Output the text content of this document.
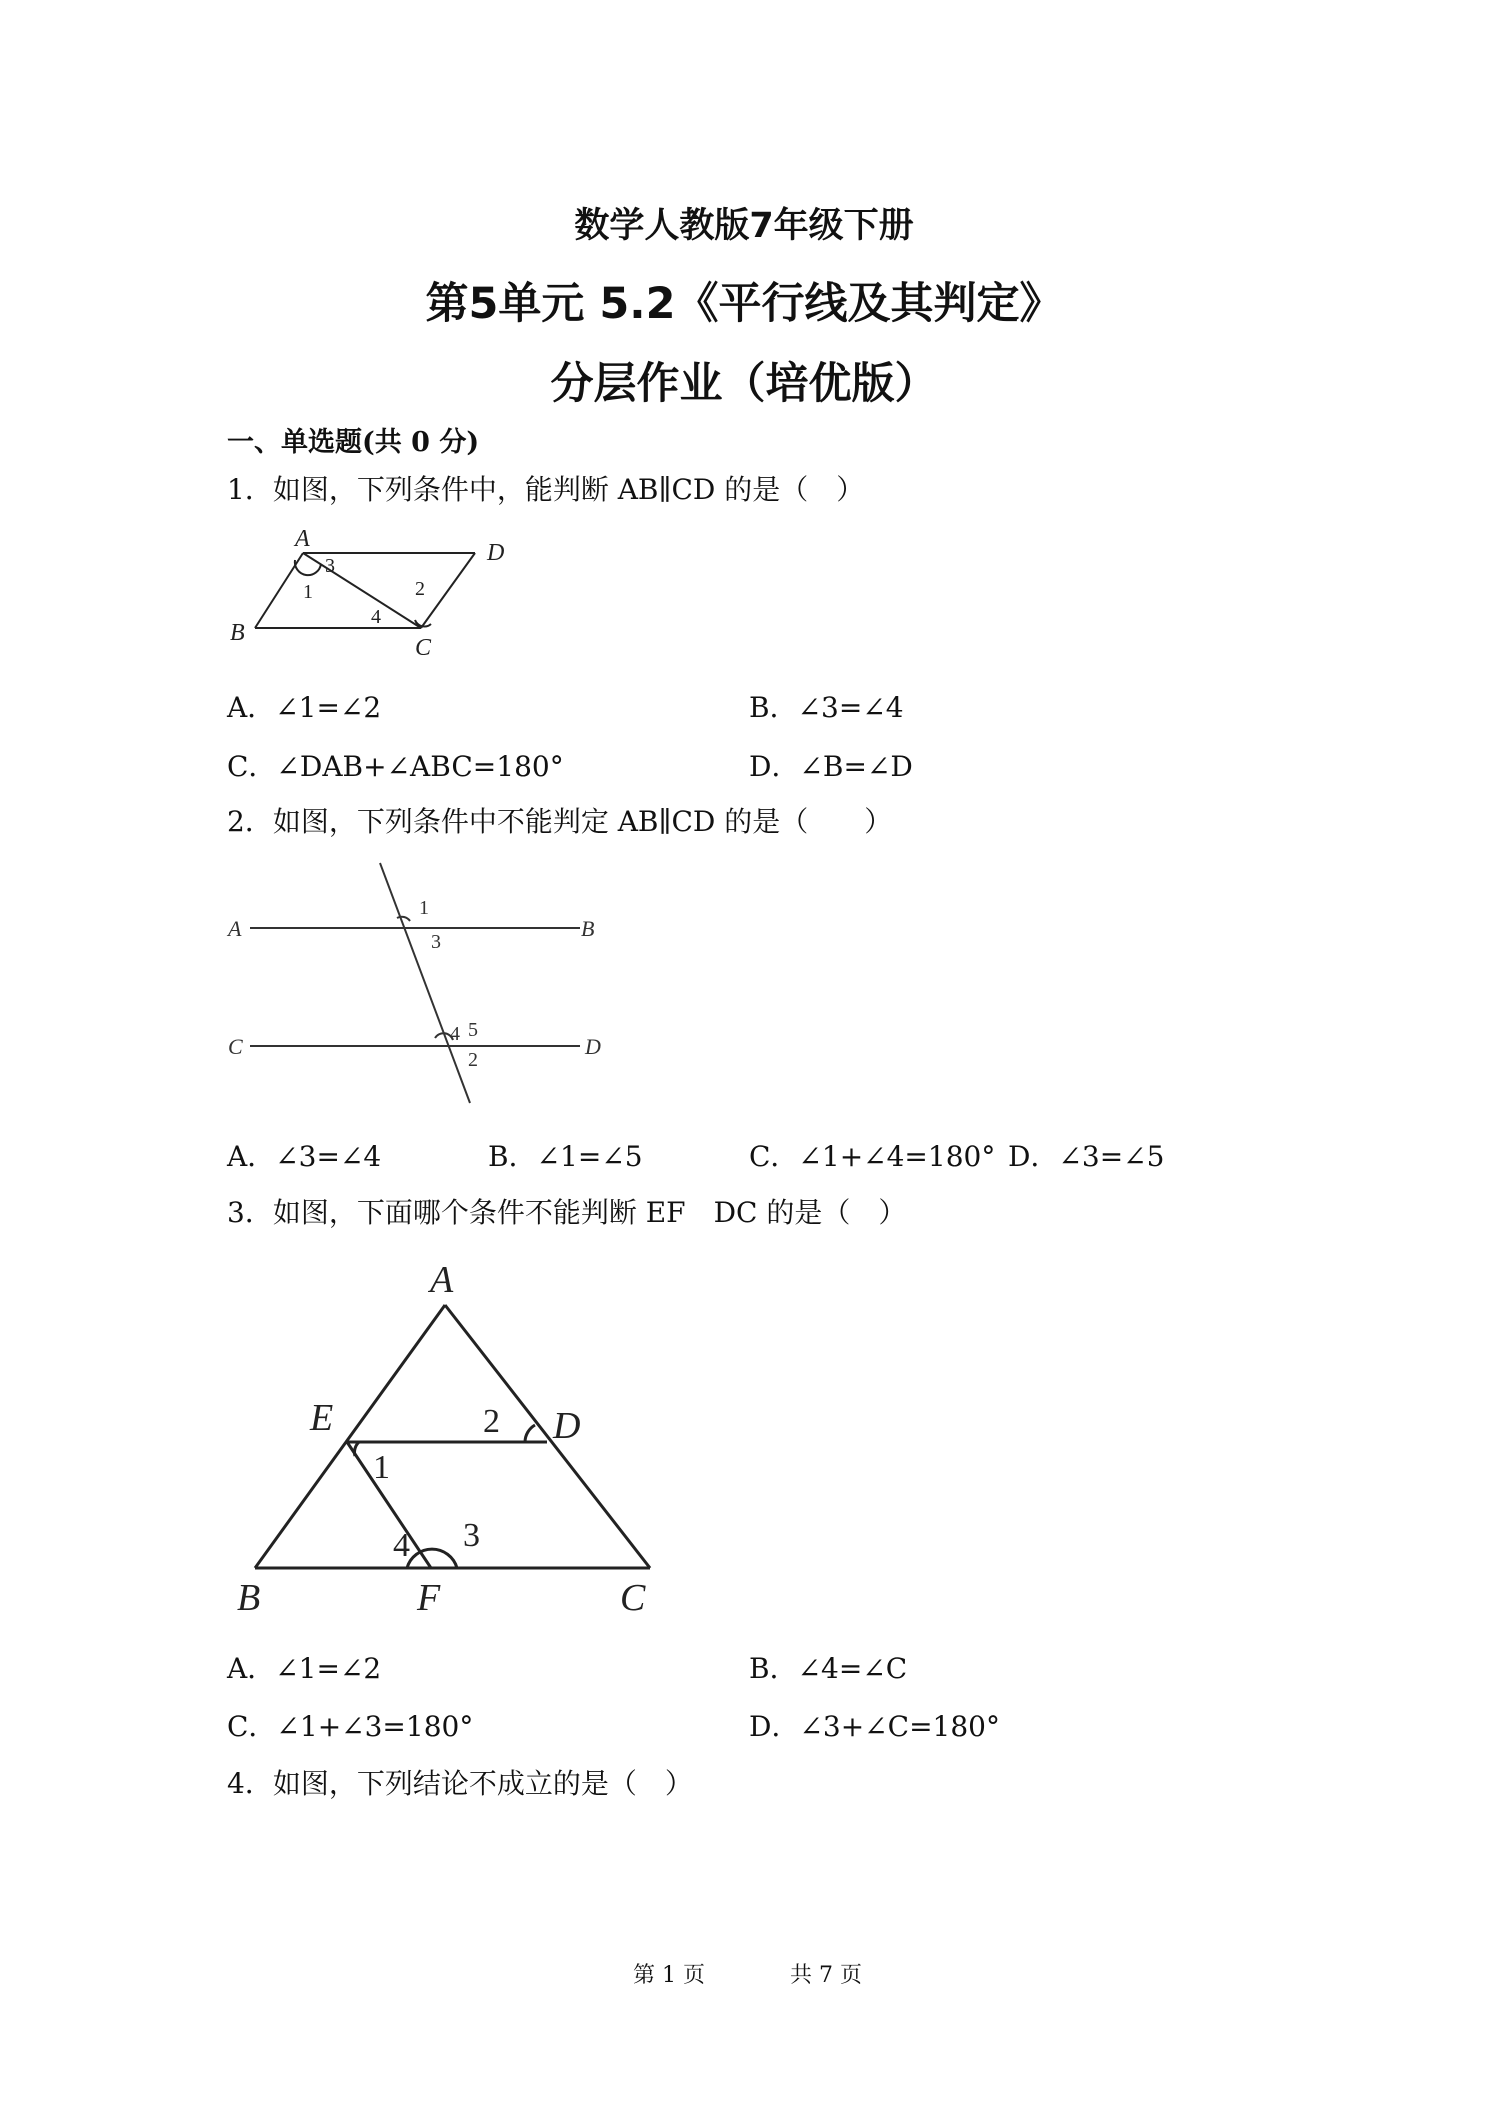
数学人教版7年级下册
第5单元 5.2《平行线及其判定》
分层作业（培优版）
一、单选题(共 0 分)
1．如图，下列条件中，能判断 AB∥CD 的是（　）
A
D
B
C
1	2
3
4
A．∠1=∠2	B．∠3=∠4
C．∠DAB+∠ABC=180°	D．∠B=∠D
2．如图，下列条件中不能判定 AB∥CD 的是（　　）
A	B
C	D
1
3
4 5
2
A．∠3=∠4	B．∠1=∠5	C．∠1+∠4=180° D．∠3=∠5
3．如图，下面哪个条件不能判断 EF　DC 的是（　）
A
E	D
B	F	C
1
2
3
4
A．∠1=∠2	B．∠4=∠C
C．∠1+∠3=180°	D．∠3+∠C=180°
4．如图，下列结论不成立的是（　）
第 1 页	共 7 页
